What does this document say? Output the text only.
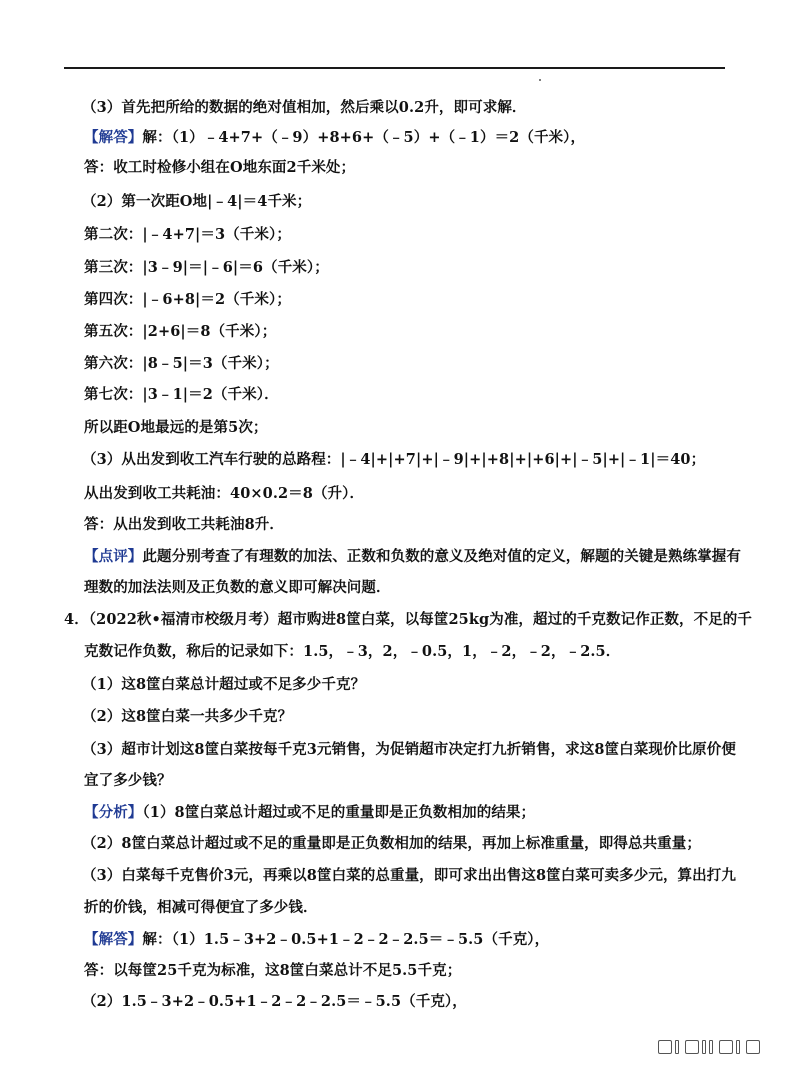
（3）首先把所给的数据的绝对值相加，然后乘以0.2升，即可求解．
【解答】解：（1）﹣4+7+（﹣9）+8+6+（﹣5）+（﹣1）＝2（千米），
答：收工时检修小组在O地东面2千米处；
（2）第一次距O地|﹣4|＝4千米；
第二次：|﹣4+7|＝3（千米）；
第三次：|3﹣9|＝|﹣6|＝6（千米）；
第四次：|﹣6+8|＝2（千米）；
第五次：|2+6|＝8（千米）；
第六次：|8﹣5|＝3（千米）；
第七次：|3﹣1|＝2（千米）．
所以距O地最远的是第5次；
（3）从出发到收工汽车行驶的总路程：|﹣4|+|+7|+|﹣9|+|+8|+|+6|+|﹣5|+|﹣1|＝40；
从出发到收工共耗油：40×0.2＝8（升）．
答：从出发到收工共耗油8升．
【点评】此题分别考查了有理数的加法、正数和负数的意义及绝对值的定义，解题的关键是熟练掌握有
理数的加法法则及正负数的意义即可解决问题．
4．（2022秋•福清市校级月考）超市购进8筐白菜，以每筐25kg为准，超过的千克数记作正数，不足的千
克数记作负数，称后的记录如下：1.5，﹣3，2，﹣0.5，1，﹣2，﹣2，﹣2.5．
（1）这8筐白菜总计超过或不足多少千克？
（2）这8筐白菜一共多少千克？
（3）超市计划这8筐白菜按每千克3元销售，为促销超市决定打九折销售，求这8筐白菜现价比原价便
宜了多少钱？
【分析】（1）8筐白菜总计超过或不足的重量即是正负数相加的结果；
（2）8筐白菜总计超过或不足的重量即是正负数相加的结果，再加上标准重量，即得总共重量；
（3）白菜每千克售价3元，再乘以8筐白菜的总重量，即可求出出售这8筐白菜可卖多少元，算出打九
折的价钱，相减可得便宜了多少钱．
【解答】解：（1）1.5﹣3+2﹣0.5+1﹣2﹣2﹣2.5＝﹣5.5（千克），
答：以每筐25千克为标准，这8筐白菜总计不足5.5千克；
（2）1.5﹣3+2﹣0.5+1﹣2﹣2﹣2.5＝﹣5.5（千克），
